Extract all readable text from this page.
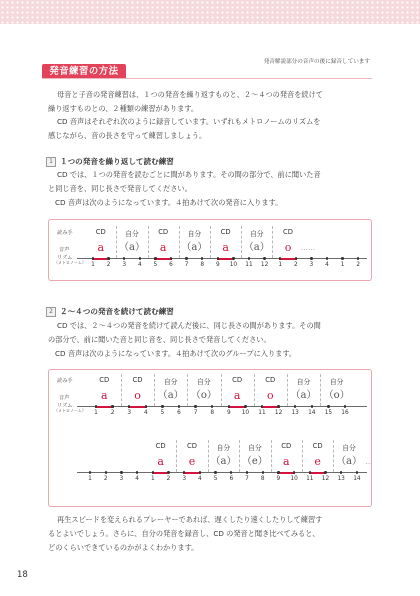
発音解説部分の音声の後に録音しています
発音練習の方法
母音と子音の発音練習は、１つの発音を繰り返すものと、２～４つの発音を続けて
繰り返すものとの、２種類の練習があります。
CD 音声はそれぞれ次のように録音しています。いずれもメトロノームのリズムを
感じながら、音の長さを守って練習しましょう。
1 １つの発音を繰り返して読む練習
CD では、１つの発音を読むごとに間があります。その間の部分で、前に聞いた音
と同じ音を、同じ長さで発音してください。
CD 音声は次のようになっています。４拍あけて次の発音に入ります。
読み手
音声
リズム
（メトロノーム）
CD
a
自分
（a）
CD
a
自分
（a）
CD
a
自分
（a）
CD
o	……
1	2	3	4	5	6	7	8	9	10	11	12	1	2	3	4	1	2
2 ２～４つの発音を続けて読む練習
CD では、２～４つの発音を続けて読んだ後に、同じ長さの間があります。その間
の部分で、前に聞いた音と同じ音を、同じ長さで発音してください。
CD 音声は次のようになっています。４拍あけて次のグループに入ります。
読み手
音声
リズム
（メトロノーム）
CD
a
CD
o
自分
（a）
自分
（o）
CD
a
CD
o
自分
（a）
自分
（o）
1	2	3	4	5	6	7	8	9	10	11	12	13	14	15	16
CD
a
CD
e
自分
（a）
自分
（e）
CD
a
CD
e
自分
（a） …
1	2	3	4	1	2	3	4	5	6	7	8	9	10	11	12	13	14
再生スピードを変えられるプレーヤーであれば、遅くしたり速くしたりして練習す
るとよいでしょう。さらに、自分の発音を録音し、CD の発音と聞き比べてみると、
どのくらいできているのかがよくわかります。
18
